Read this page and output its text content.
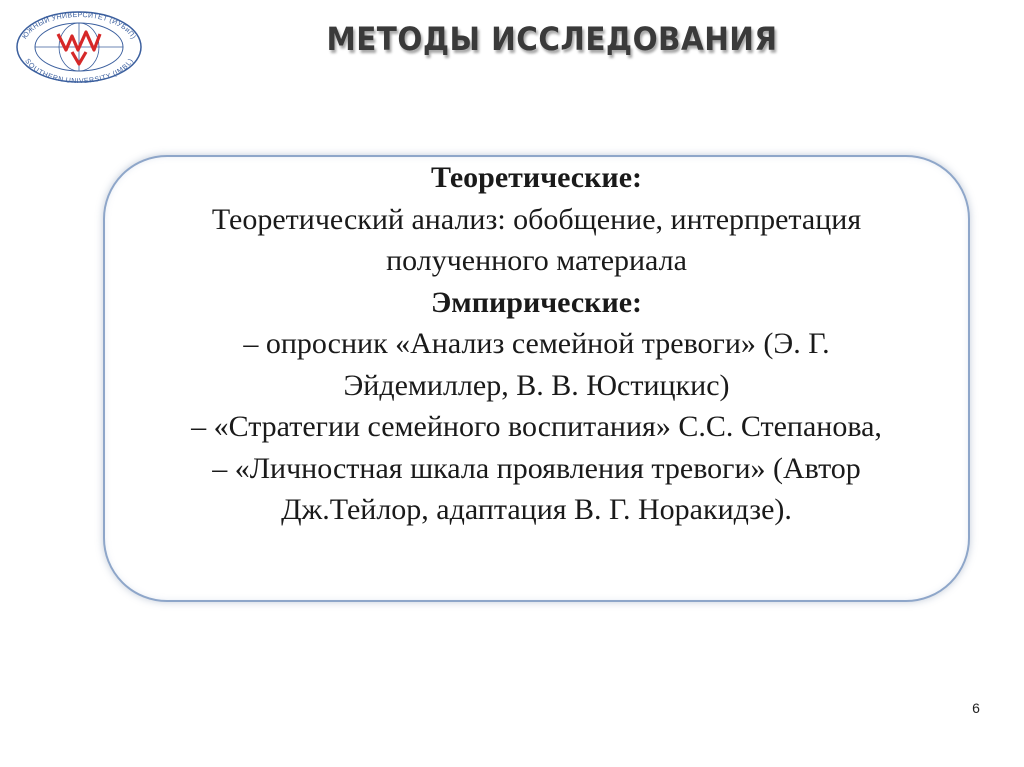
ЮЖНЫЙ УНИВЕРСИТЕТ (ИУБиП)
SOUTHERN UNIVERSITY (IMBL)
МЕТОДЫ ИССЛЕДОВАНИЯ
Теоретические:
Теоретический анализ: обобщение, интерпретация
полученного материала
Эмпирические:
– опросник «Анализ семейной тревоги» (Э. Г.
Эйдемиллер, В. В. Юстицкис)
– «Стратегии семейного воспитания» С.С. Степанова,
– «Личностная шкала проявления тревоги» (Автор
Дж.Тейлор, адаптация В. Г. Норакидзе).
6
